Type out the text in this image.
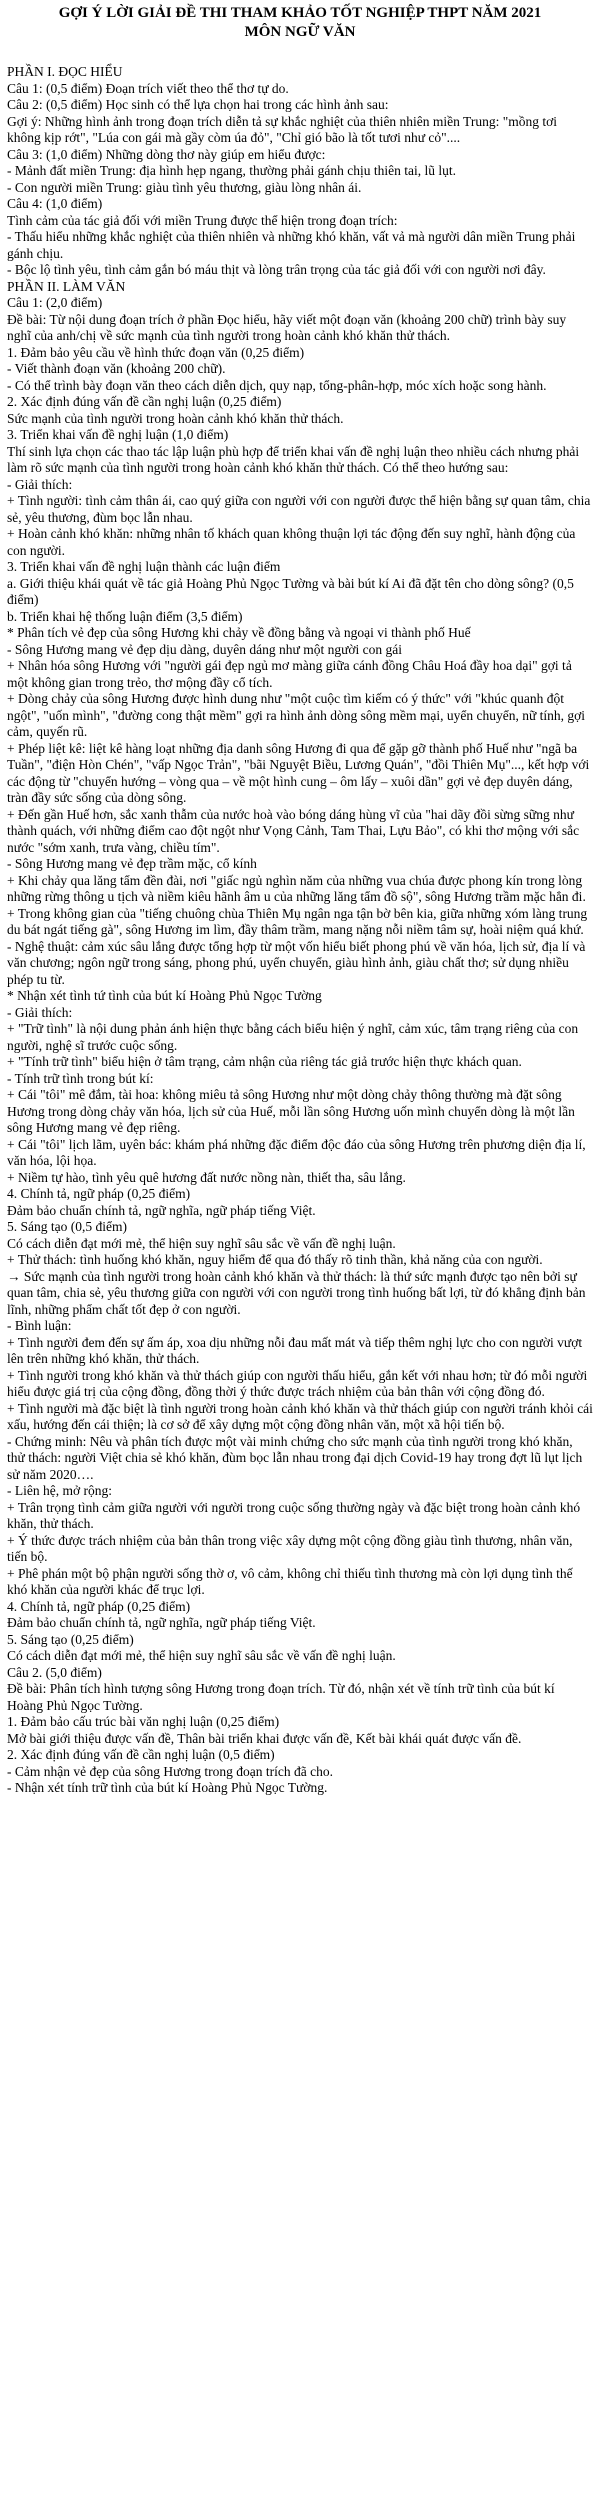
GỢI Ý LỜI GIẢI ĐỀ THI THAM KHẢO TỐT NGHIỆP THPT NĂM 2021

MÔN NGỮ VĂN

PHẦN I. ĐỌC HIỂU

Câu 1: (0,5 điểm) Đoạn trích viết theo thể thơ tự do.

Câu 2: (0,5 điểm) Học sinh có thể lựa chọn hai trong các hình ảnh sau:

Gợi ý: Những hình ảnh trong đoạn trích diễn tả sự khắc nghiệt của thiên nhiên miền Trung: "mồng tơi không kịp rớt", "Lúa con gái mà gầy còm úa đỏ", "Chỉ gió bão là tốt tươi như cỏ"....

Câu 3: (1,0 điểm) Những dòng thơ này giúp em hiểu được:

- Mảnh đất miền Trung: địa hình hẹp ngang, thường phải gánh chịu thiên tai, lũ lụt.

- Con người miền Trung: giàu tình yêu thương, giàu lòng nhân ái.

Câu 4: (1,0 điểm)

Tình cảm của tác giả đối với miền Trung được thể hiện trong đoạn trích:

- Thấu hiểu những khắc nghiệt của thiên nhiên và những khó khăn, vất vả mà người dân miền Trung phải gánh chịu.

- Bộc lộ tình yêu, tình cảm gắn bó máu thịt và lòng trân trọng của tác giả đối với con người nơi đây.

PHẦN II. LÀM VĂN

Câu 1: (2,0 điểm)

Đề bài: Từ nội dung đoạn trích ở phần Đọc hiểu, hãy viết một đoạn văn (khoảng 200 chữ) trình bày suy nghĩ của anh/chị về sức mạnh của tình người trong hoàn cảnh khó khăn thử thách.

1. Đảm bảo yêu cầu về hình thức đoạn văn (0,25 điểm)

- Viết thành đoạn văn (khoảng 200 chữ).

- Có thể trình bày đoạn văn theo cách diễn dịch, quy nạp, tổng-phân-hợp, móc xích hoặc song hành.

2. Xác định đúng vấn đề cần nghị luận (0,25 điểm)

Sức mạnh của tình người trong hoàn cảnh khó khăn thử thách.

3. Triển khai vấn đề nghị luận (1,0 điểm)

Thí sinh lựa chọn các thao tác lập luận phù hợp để triển khai vấn đề nghị luận theo nhiều cách nhưng phải làm rõ sức mạnh của tình người trong hoàn cảnh khó khăn thử thách. Có thể theo hướng sau:

- Giải thích:

+ Tình người: tình cảm thân ái, cao quý giữa con người với con người được thể hiện bằng sự quan tâm, chia sẻ, yêu thương, đùm bọc lẫn nhau.

+ Hoàn cảnh khó khăn: những nhân tố khách quan không thuận lợi tác động đến suy nghĩ, hành động của con người.

3. Triển khai vấn đề nghị luận thành các luận điểm

a. Giới thiệu khái quát về tác giả Hoàng Phủ Ngọc Tường và bài bút kí Ai đã đặt tên cho dòng sông? (0,5 điểm)

b. Triển khai hệ thống luận điểm (3,5 điểm)

* Phân tích vẻ đẹp của sông Hương khi chảy về đồng bằng và ngoại vi thành phố Huế

- Sông Hương mang vẻ đẹp dịu dàng, duyên dáng như một người con gái

+ Nhân hóa sông Hương với "người gái đẹp ngủ mơ màng giữa cánh đồng Châu Hoá đầy hoa dại" gợi tả một không gian trong trẻo, thơ mộng đầy cổ tích.

+ Dòng chảy của sông Hương được hình dung như "một cuộc tìm kiếm có ý thức" với "khúc quanh đột ngột", "uốn mình", "đường cong thật mềm" gợi ra hình ảnh dòng sông mềm mại, uyển chuyển, nữ tính, gợi cảm, quyến rũ.

+ Phép liệt kê: liệt kê hàng loạt những địa danh sông Hương đi qua để gặp gỡ thành phố Huế như "ngã ba Tuần", "điện Hòn Chén", "vấp Ngọc Trản", "bãi Nguyệt Biều, Lương Quán", "đồi Thiên Mụ"..., kết hợp với các động từ "chuyển hướng – vòng qua – về một hình cung – ôm lấy – xuôi dần" gợi vẻ đẹp duyên dáng, tràn đầy sức sống của dòng sông.

+ Đến gần Huế hơn, sắc xanh thẫm của nước hoà vào bóng dáng hùng vĩ của "hai dãy đồi sừng sững như thành quách, với những điểm cao đột ngột như Vọng Cảnh, Tam Thai, Lựu Bảo", có khi thơ mộng với sắc nước "sớm xanh, trưa vàng, chiều tím".

- Sông Hương mang vẻ đẹp trầm mặc, cổ kính

+ Khi chảy qua lăng tẩm đền đài, nơi "giấc ngủ nghìn năm của những vua chúa được phong kín trong lòng những rừng thông u tịch và niềm kiêu hãnh âm u của những lăng tẩm đồ sộ", sông Hương trầm mặc hẳn đi.

+ Trong không gian của "tiếng chuông chùa Thiên Mụ ngân nga tận bờ bên kia, giữa những xóm làng trung du bát ngát tiếng gà", sông Hương im lìm, đầy thâm trầm, mang nặng nỗi niềm tâm sự, hoài niệm quá khứ.

- Nghệ thuật: cảm xúc sâu lắng được tổng hợp từ một vốn hiểu biết phong phú về văn hóa, lịch sử, địa lí và văn chương; ngôn ngữ trong sáng, phong phú, uyển chuyển, giàu hình ảnh, giàu chất thơ; sử dụng nhiều phép tu từ.

* Nhận xét tình tứ tình của bút kí Hoàng Phủ Ngọc Tường

- Giải thích:

+ "Trữ tình" là nội dung phản ánh hiện thực bằng cách biểu hiện ý nghĩ, cảm xúc, tâm trạng riêng của con người, nghệ sĩ trước cuộc sống.

+ "Tính trữ tình" biểu hiện ở tâm trạng, cảm nhận của riêng tác giả trước hiện thực khách quan.

- Tính trữ tình trong bút kí:

+ Cái "tôi" mê đắm, tài hoa: không miêu tả sông Hương như một dòng chảy thông thường mà đặt sông Hương trong dòng chảy văn hóa, lịch sử của Huế, mỗi lần sông Hương uốn mình chuyển dòng là một lần sông Hương mang vẻ đẹp riêng.

+ Cái "tôi" lịch lãm, uyên bác: khám phá những đặc điểm độc đáo của sông Hương trên phương diện địa lí, văn hóa, lội họa.

+ Niềm tự hào, tình yêu quê hương đất nước nồng nàn, thiết tha, sâu lắng.

4. Chính tả, ngữ pháp (0,25 điểm)

Đảm bảo chuẩn chính tả, ngữ nghĩa, ngữ pháp tiếng Việt.

5. Sáng tạo (0,5 điểm)

Có cách diễn đạt mới mẻ, thể hiện suy nghĩ sâu sắc về vấn đề nghị luận.

+ Thử thách: tình huống khó khăn, nguy hiểm để qua đó thấy rõ tinh thần, khả năng của con người.

→ Sức mạnh của tình người trong hoàn cảnh khó khăn và thử thách: là thứ sức mạnh được tạo nên bởi sự quan tâm, chia sẻ, yêu thương giữa con người với con người trong tình huống bất lợi, từ đó khẳng định bản lĩnh, những phẩm chất tốt đẹp ở con người.

- Bình luận:

+ Tình người đem đến sự ấm áp, xoa dịu những nỗi đau mất mát và tiếp thêm nghị lực cho con người vượt lên trên những khó khăn, thử thách.

+ Tình người trong khó khăn và thử thách giúp con người thấu hiểu, gắn kết với nhau hơn; từ đó mỗi người hiểu được giá trị của cộng đồng, đồng thời ý thức được trách nhiệm của bản thân với cộng đồng đó.

+ Tình người mà đặc biệt là tình người trong hoàn cảnh khó khăn và thử thách giúp con người tránh khỏi cái xấu, hướng đến cái thiện; là cơ sở để xây dựng một cộng đồng nhân văn, một xã hội tiến bộ.

- Chứng minh: Nêu và phân tích được một vài minh chứng cho sức mạnh của tình người trong khó khăn, thử thách: người Việt chia sẻ khó khăn, đùm bọc lẫn nhau trong đại dịch Covid-19 hay trong đợt lũ lụt lịch sử năm 2020….

- Liên hệ, mở rộng:

+ Trân trọng tình cảm giữa người với người trong cuộc sống thường ngày và đặc biệt trong hoàn cảnh khó khăn, thử thách.

+ Ý thức được trách nhiệm của bản thân trong việc xây dựng một cộng đồng giàu tình thương, nhân văn, tiến bộ.

+ Phê phán một bộ phận người sống thờ ơ, vô cảm, không chỉ thiếu tình thương mà còn lợi dụng tình thế khó khăn của người khác để trục lợi.

4. Chính tả, ngữ pháp (0,25 điểm)

Đảm bảo chuẩn chính tả, ngữ nghĩa, ngữ pháp tiếng Việt.

5. Sáng tạo (0,25 điểm)

Có cách diễn đạt mới mẻ, thể hiện suy nghĩ sâu sắc về vấn đề nghị luận.

Câu 2. (5,0 điểm)

Đề bài: Phân tích hình tượng sông Hương trong đoạn trích. Từ đó, nhận xét về tính trữ tình của bút kí Hoàng Phủ Ngọc Tường.

1. Đảm bảo cấu trúc bài văn nghị luận (0,25 điểm)

Mở bài giới thiệu được vấn đề, Thân bài triển khai được vấn đề, Kết bài khái quát được vấn đề.

2. Xác định đúng vấn đề cần nghị luận (0,5 điểm)

- Cảm nhận vẻ đẹp của sông Hương trong đoạn trích đã cho.

- Nhận xét tính trữ tình của bút kí Hoàng Phủ Ngọc Tường.
